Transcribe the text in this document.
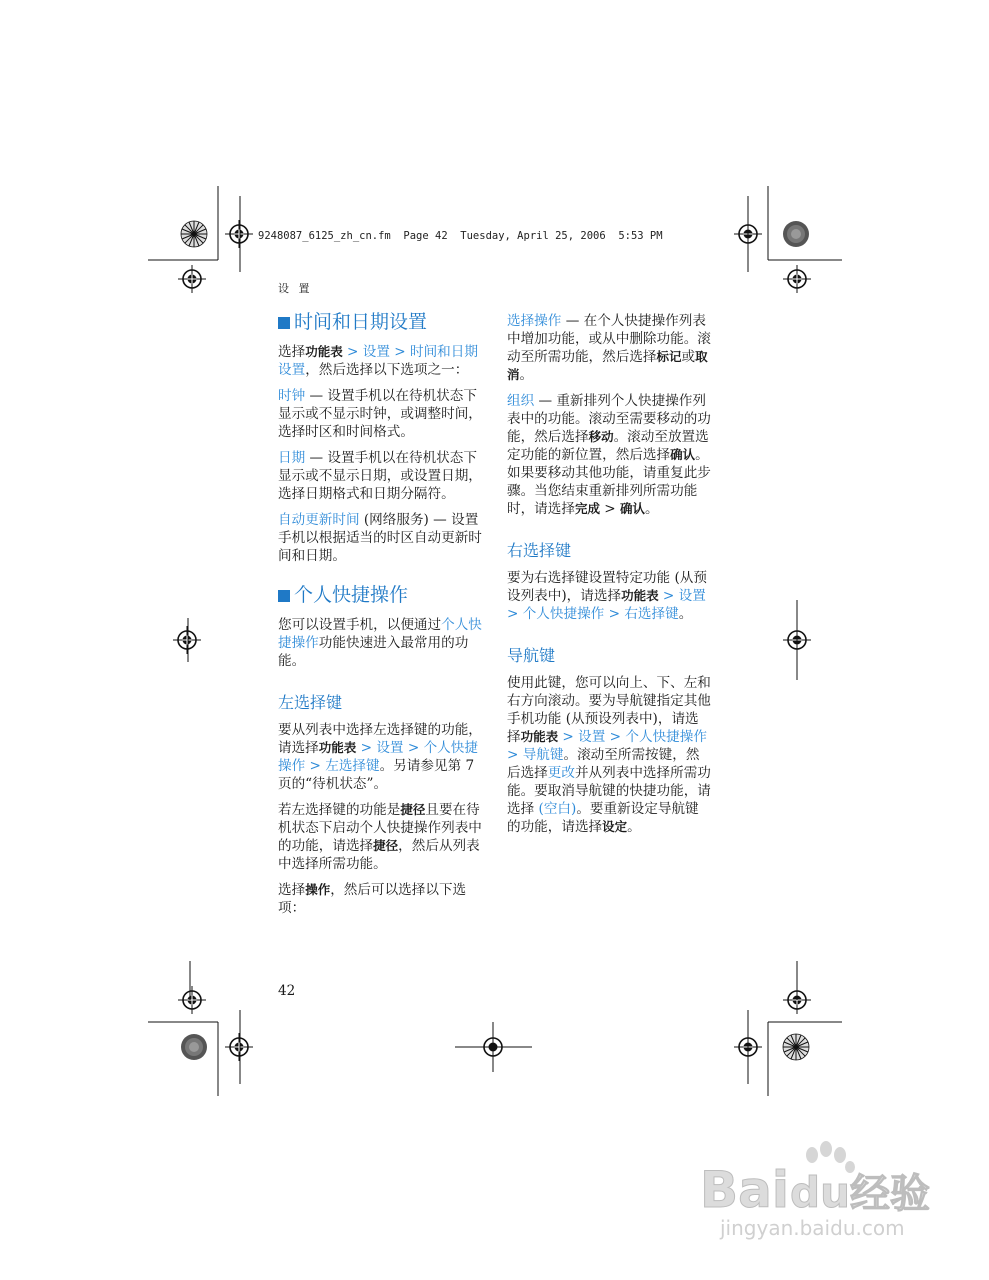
9248087_6125_zh_cn.fm  Page 42  Tuesday, April 25, 2006  5:53 PM
设 置
时间和日期设置

选择功能表 > 设置 > 时间和日期设置，然后选择以下选项之一：

时钟 — 设置手机以在待机状态下显示或不显示时钟，或调整时间，选择时区和时间格式。

日期 — 设置手机以在待机状态下显示或不显示日期，或设置日期，选择日期格式和日期分隔符。

自动更新时间 (网络服务) — 设置手机以根据适当的时区自动更新时间和日期。

个人快捷操作

您可以设置手机，以便通过个人快捷操作功能快速进入最常用的功能。

左选择键

要从列表中选择左选择键的功能，请选择功能表 > 设置 > 个人快捷操作 > 左选择键。另请参见第 7 页的“待机状态”。

若左选择键的功能是捷径且要在待机状态下启动个人快捷操作列表中的功能，请选择捷径，然后从列表中选择所需功能。

选择操作，然后可以选择以下选项：

选择操作 — 在个人快捷操作列表中增加功能，或从中删除功能。滚动至所需功能，然后选择标记或取消。

组织 — 重新排列个人快捷操作列表中的功能。滚动至需要移动的功能，然后选择移动。滚动至放置选定功能的新位置，然后选择确认。如果要移动其他功能，请重复此步骤。当您结束重新排列所需功能时，请选择完成 > 确认。

右选择键

要为右选择键设置特定功能 (从预设列表中)，请选择功能表 > 设置 > 个人快捷操作 > 右选择键。

导航键

使用此键，您可以向上、下、左和右方向滚动。要为导航键指定其他手机功能 (从预设列表中)，请选择功能表 > 设置 > 个人快捷操作 > 导航键。滚动至所需按键，然后选择更改并从列表中选择所需功能。要取消导航键的快捷功能，请选择 (空白)。要重新设定导航键的功能，请选择设定。

42
Bai du 经验
jingyan.baidu.com
